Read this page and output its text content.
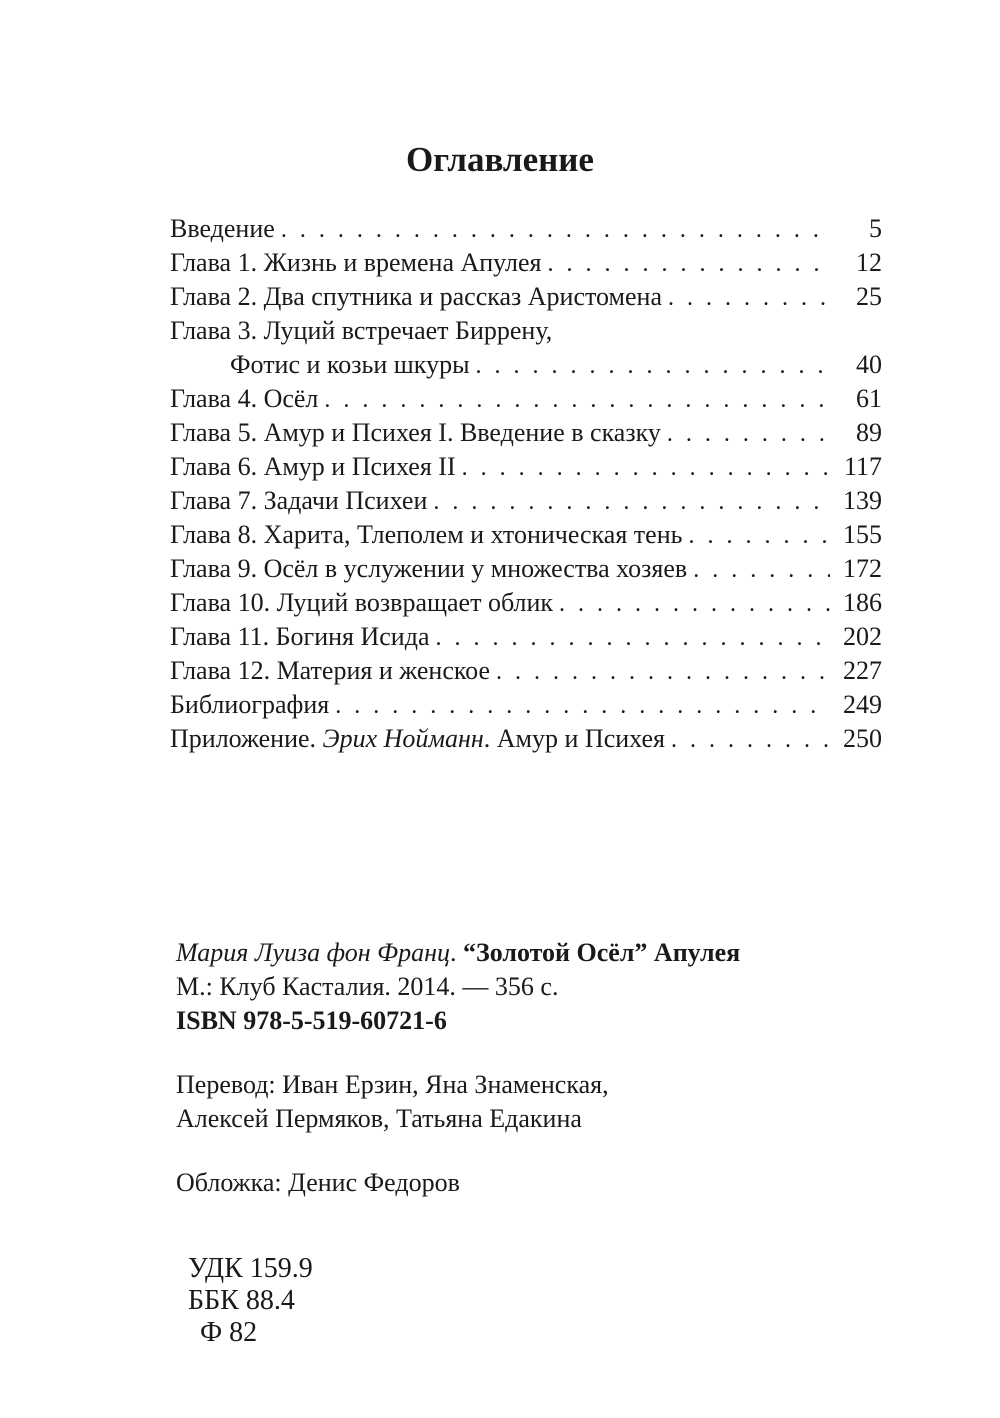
Оглавление
Введение . . .	5
Глава 1. Жизнь и времена Апулея . . .	12
Глава 2. Два спутника и рассказ Аристомена . . .	25
Глава 3. Луций встречает Биррену,
Фотис и козьи шкуры . . .	40
Глава 4. Осёл . . .	61
Глава 5. Амур и Психея I. Введение в сказку . . .	89
Глава 6. Амур и Психея II . . .	117
Глава 7. Задачи Психеи . . .	139
Глава 8. Харита, Тлеполем и хтоническая тень . . .	155
Глава 9. Осёл в услужении у множества хозяев . . .	172
Глава 10. Луций возвращает облик . . .	186
Глава 11. Богиня Исида . . .	202
Глава 12. Материя и женское . . .	227
Библиография . . .	249
Приложение. Эрих Нойманн. Амур и Психея . . .	250
Мария Луиза фон Франц. “Золотой Осёл” Апулея
М.: Клуб Касталия. 2014. — 356 с.
ISBN 978-5-519-60721-6
Перевод: Иван Ерзин, Яна Знаменская,
Алексей Пермяков, Татьяна Едакина
Обложка: Денис Федоров
УДК 159.9
ББК 88.4
Ф 82
